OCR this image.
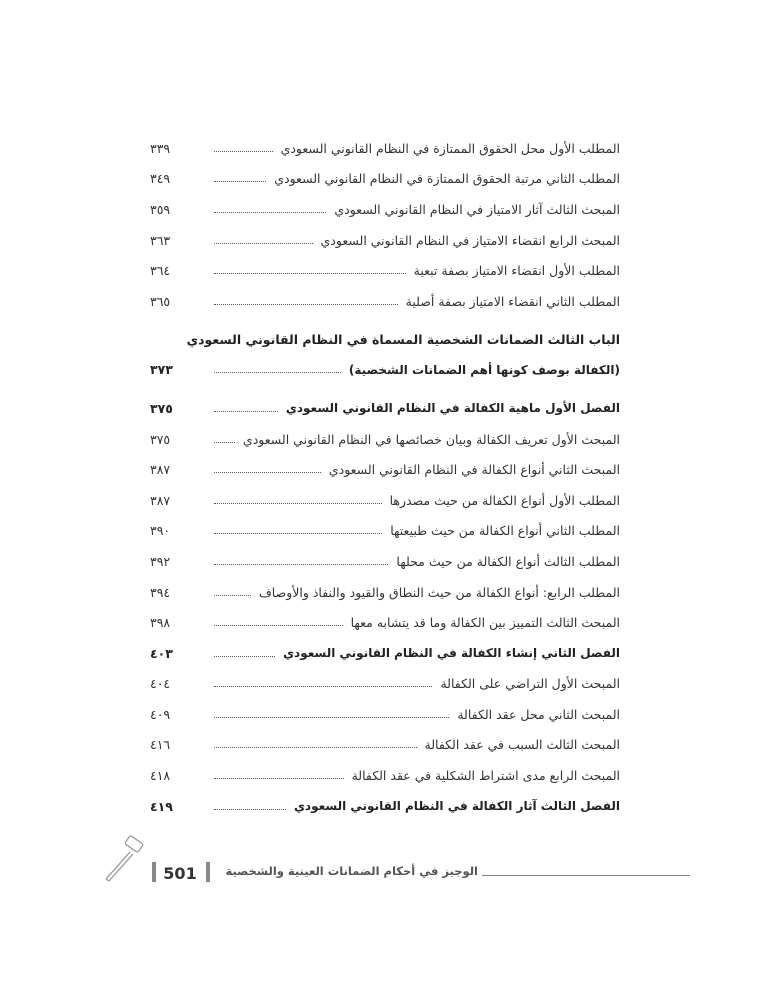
المطلب الأول محل الحقوق الممتازة في النظام القانوني السعودي
٣٣٩
المطلب الثاني مرتبة الحقوق الممتازة في النظام القانوني السعودي
٣٤٩
المبحث الثالث آثار الامتياز في النظام القانوني السعودي
٣٥٩
المبحث الرابع انقضاء الامتياز في النظام القانوني السعودي
٣٦٣
المطلب الأول انقضاء الامتياز بصفة تبعية
٣٦٤
المطلب الثاني انقضاء الامتياز بصفة أصلية
٣٦٥
الباب الثالث الضمانات الشخصية المسماة في النظام القانوني السعودي
(الكفالة بوصف كونها أهم الضمانات الشخصية)
٣٧٣
الفصل الأول ماهية الكفالة في النظام القانوني السعودي
٣٧٥
المبحث الأول تعريف الكفالة وبيان خصائصها في النظام القانوني السعودي
٣٧٥
المبحث الثاني أنواع الكفالة في النظام القانوني السعودي
٣٨٧
المطلب الأول أنواع الكفالة من حيث مصدرها
٣٨٧
المطلب الثاني أنواع الكفالة من حيث طبيعتها
٣٩٠
المطلب الثالث أنواع الكفالة من حيث محلها
٣٩٢
المطلب الرابع: أنواع الكفالة من حيث النطاق والقيود والنفاذ والأوصاف
٣٩٤
المبحث الثالث التمييز بين الكفالة وما قد يتشابه معها
٣٩٨
الفصل الثاني إنشاء الكفالة في النظام القانوني السعودي
٤٠٣
المبحث الأول التراضي على الكفالة
٤٠٤
المبحث الثاني محل عقد الكفالة
٤٠٩
المبحث الثالث السبب في عقد الكفالة
٤١٦
المبحث الرابع مدى اشتراط الشكلية في عقد الكفالة
٤١٨
الفصل الثالث آثار الكفالة في النظام القانوني السعودي
٤١٩
501	الوجيز في أحكام الضمانات العينية والشخصية
